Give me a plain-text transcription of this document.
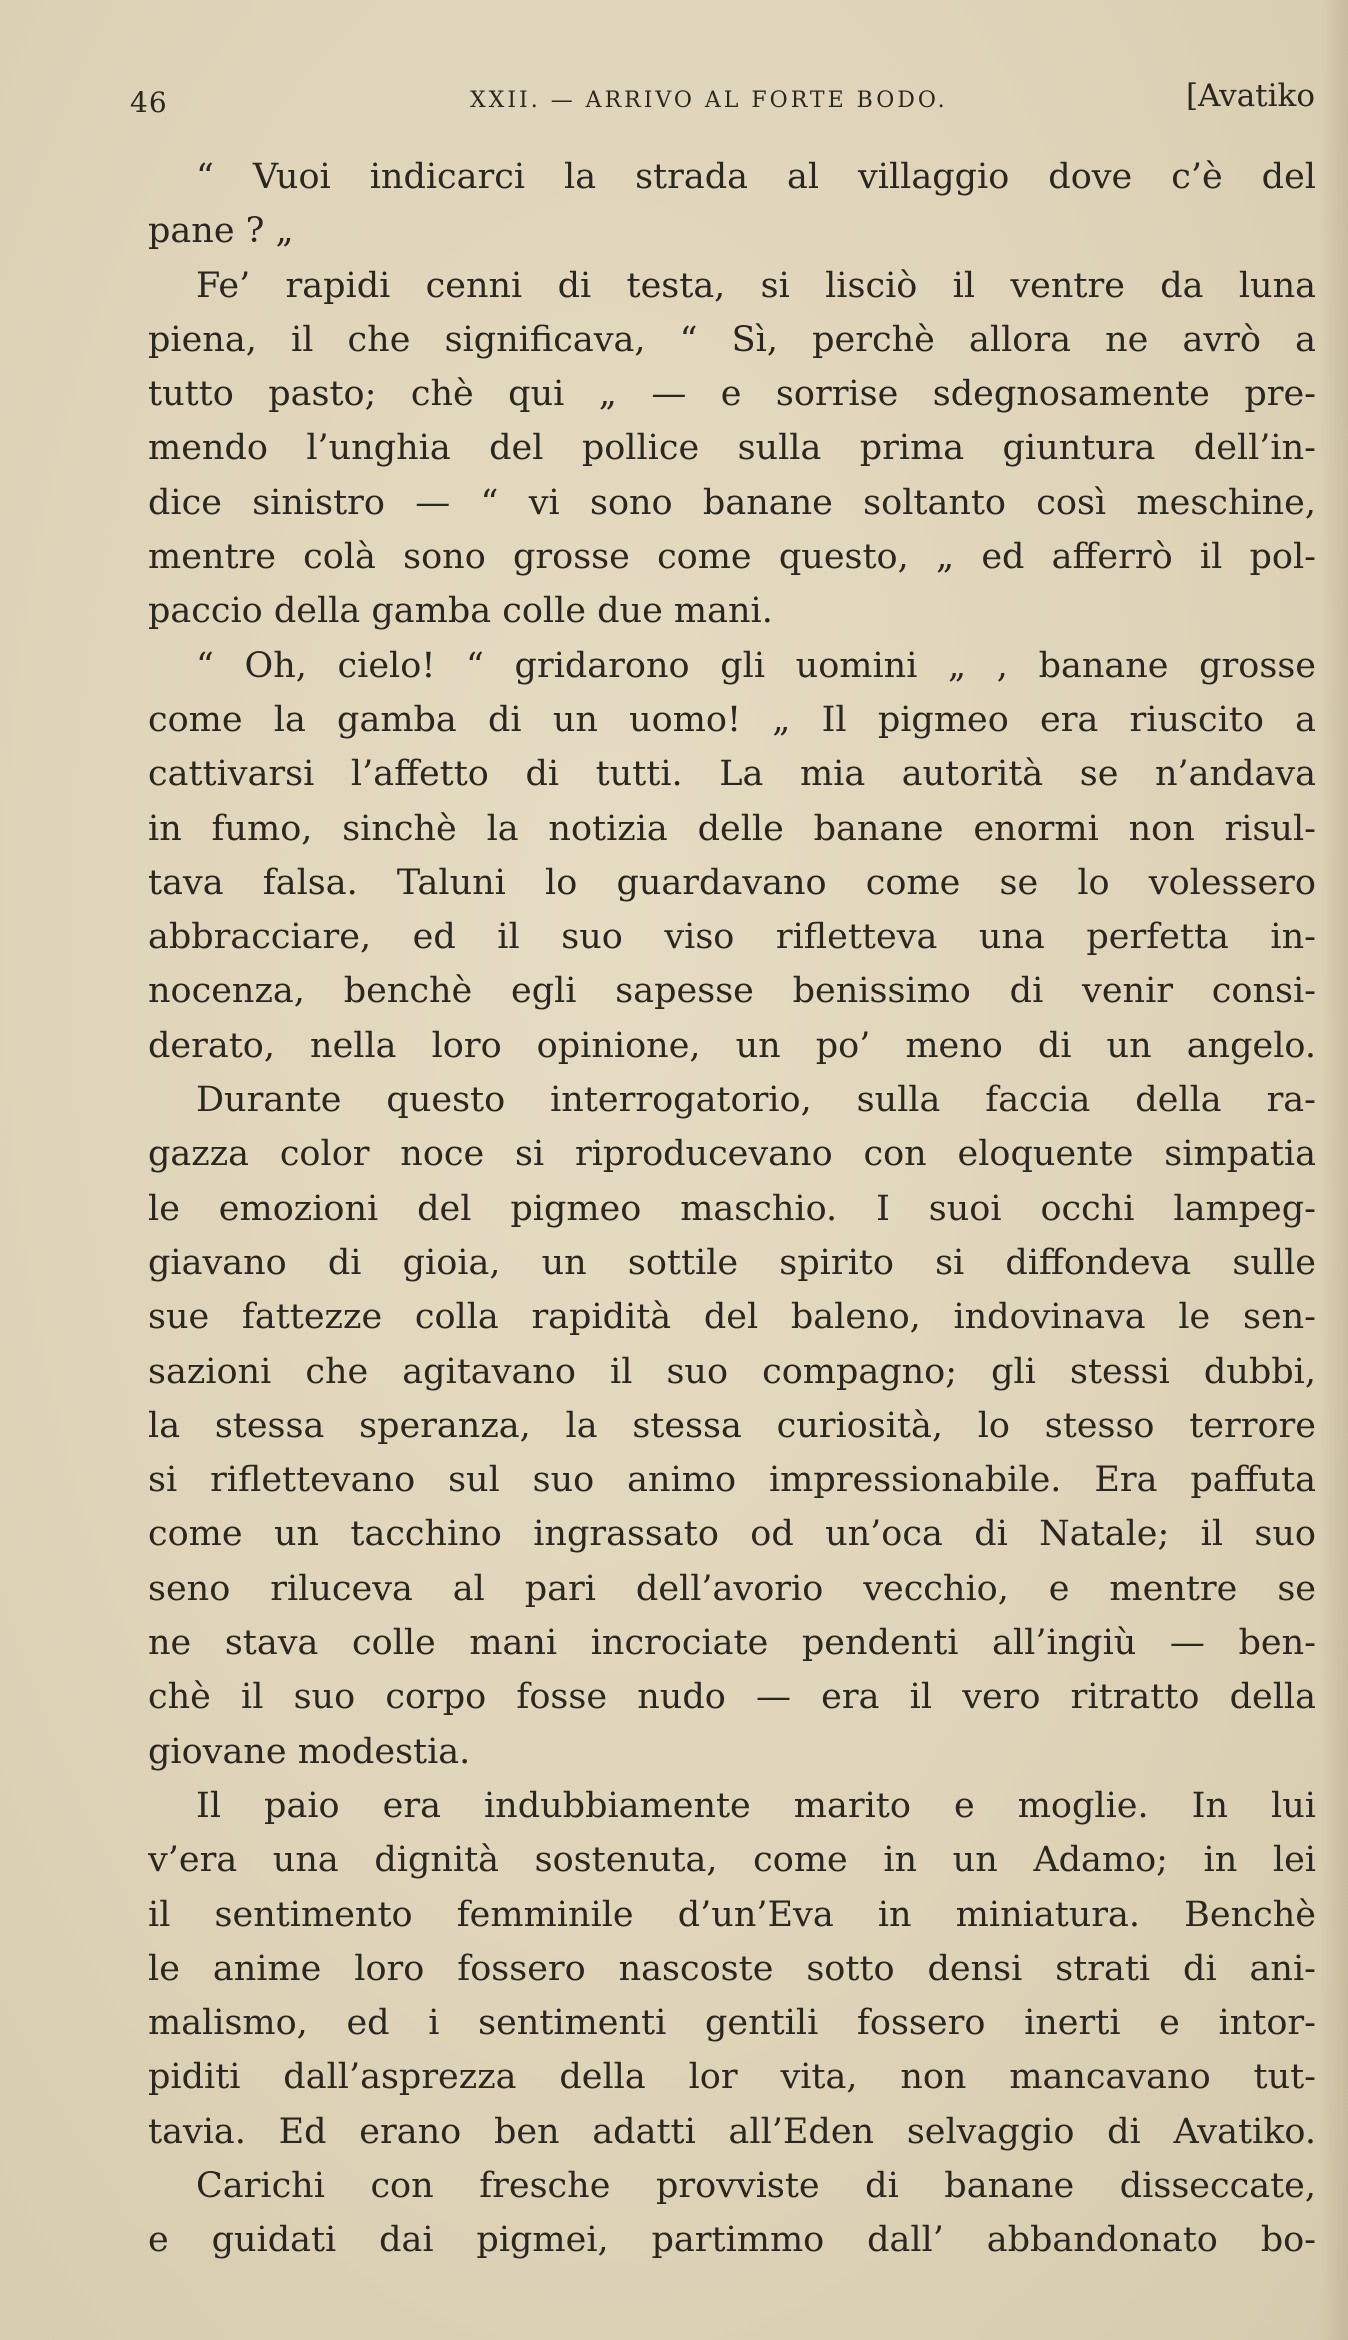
46	XXII. — ARRIVO AL FORTE BODO.	[Avatiko
“ Vuoi indicarci la strada al villaggio dove c’è del
pane ? „
Fe’ rapidi cenni di testa, si lisciò il ventre da luna
piena, il che significava, “ Sì, perchè allora ne avrò a
tutto pasto; chè qui „ — e sorrise sdegnosamente pre-
mendo l’unghia del pollice sulla prima giuntura dell’in-
dice sinistro — “ vi sono banane soltanto così meschine,
mentre colà sono grosse come questo, „ ed afferrò il pol-
paccio della gamba colle due mani.
“ Oh, cielo! “ gridarono gli uomini „ , banane grosse
come la gamba di un uomo! „ Il pigmeo era riuscito a
cattivarsi l’affetto di tutti. La mia autorità se n’andava
in fumo, sinchè la notizia delle banane enormi non risul-
tava falsa. Taluni lo guardavano come se lo volessero
abbracciare, ed il suo viso rifletteva una perfetta in-
nocenza, benchè egli sapesse benissimo di venir consi-
derato, nella loro opinione, un po’ meno di un angelo.
Durante questo interrogatorio, sulla faccia della ra-
gazza color noce si riproducevano con eloquente simpatia
le emozioni del pigmeo maschio. I suoi occhi lampeg-
giavano di gioia, un sottile spirito si diffondeva sulle
sue fattezze colla rapidità del baleno, indovinava le sen-
sazioni che agitavano il suo compagno; gli stessi dubbi,
la stessa speranza, la stessa curiosità, lo stesso terrore
si riflettevano sul suo animo impressionabile. Era paffuta
come un tacchino ingrassato od un’oca di Natale; il suo
seno riluceva al pari dell’avorio vecchio, e mentre se
ne stava colle mani incrociate pendenti all’ingiù — ben-
chè il suo corpo fosse nudo — era il vero ritratto della
giovane modestia.
Il paio era indubbiamente marito e moglie. In lui
v’era una dignità sostenuta, come in un Adamo; in lei
il sentimento femminile d’un’Eva in miniatura. Benchè
le anime loro fossero nascoste sotto densi strati di ani-
malismo, ed i sentimenti gentili fossero inerti e intor-
piditi dall’asprezza della lor vita, non mancavano tut-
tavia. Ed erano ben adatti all’Eden selvaggio di Avatiko.
Carichi con fresche provviste di banane disseccate,
e guidati dai pigmei, partimmo dall’ abbandonato bo-
